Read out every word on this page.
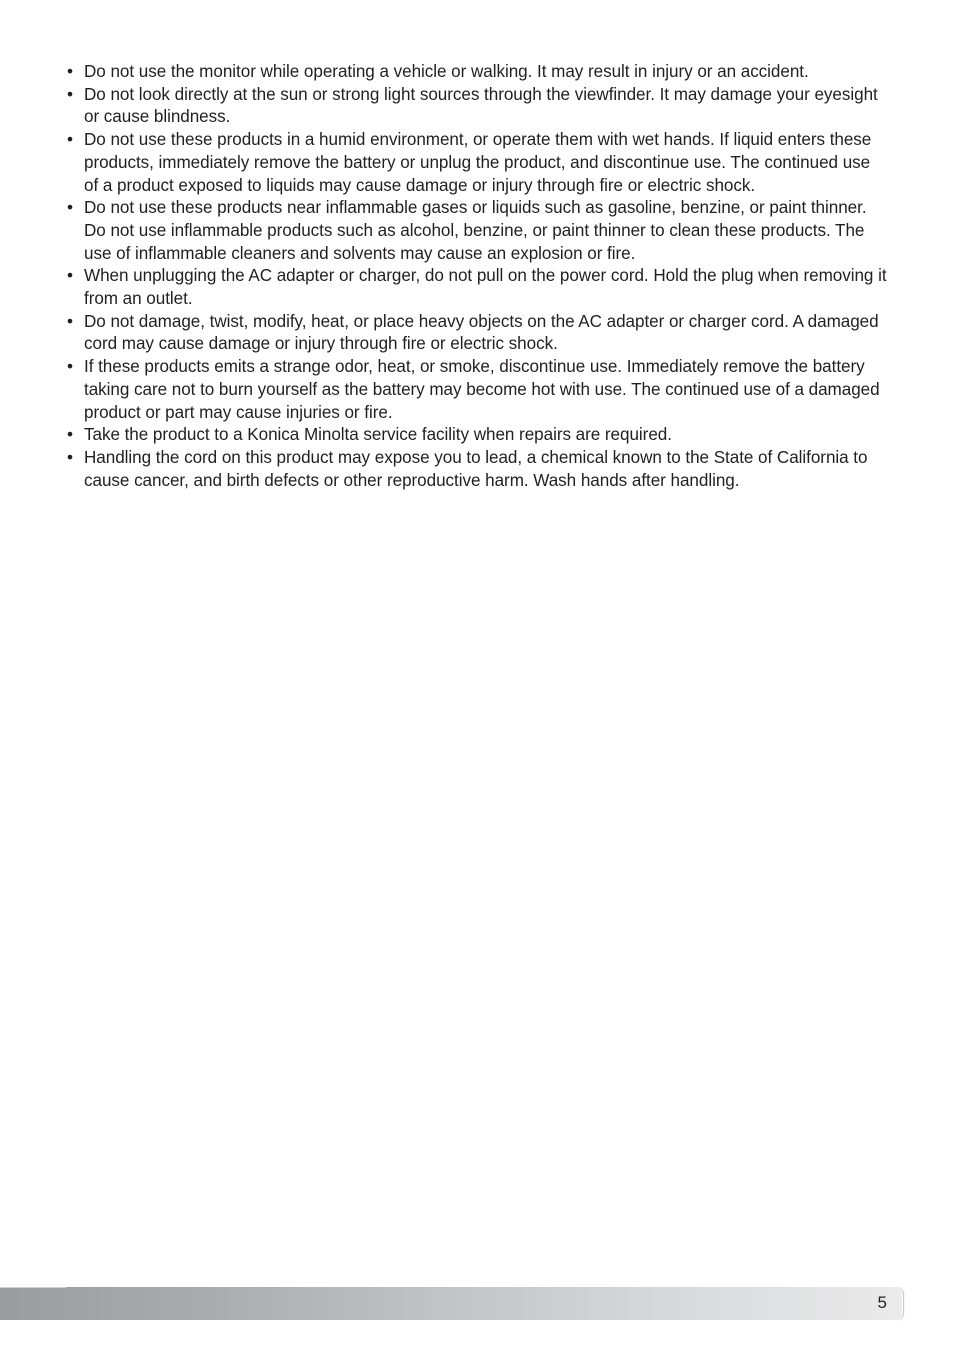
• Do not use the monitor while operating a vehicle or walking. It may result in injury or an accident.
• Do not look directly at the sun or strong light sources through the viewfinder. It may damage your eyesight or cause blindness.
• Do not use these products in a humid environment, or operate them with wet hands. If liquid enters these products, immediately remove the battery or unplug the product, and discontinue use. The continued use of a product exposed to liquids may cause damage or injury through fire or electric shock.
• Do not use these products near inflammable gases or liquids such as gasoline, benzine, or paint thinner. Do not use inflammable products such as alcohol, benzine, or paint thinner to clean these products. The use of inflammable cleaners and solvents may cause an explosion or fire.
• When unplugging the AC adapter or charger, do not pull on the power cord. Hold the plug when removing it from an outlet.
• Do not damage, twist, modify, heat, or place heavy objects on the AC adapter or charger cord. A damaged cord may cause damage or injury through fire or electric shock.
• If these products emits a strange odor, heat, or smoke, discontinue use. Immediately remove the battery taking care not to burn yourself as the battery may become hot with use. The continued use of a damaged product or part may cause injuries or fire.
• Take the product to a Konica Minolta service facility when repairs are required.
• Handling the cord on this product may expose you to lead, a chemical known to the State of California to cause cancer, and birth defects or other reproductive harm. Wash hands after handling.
5
